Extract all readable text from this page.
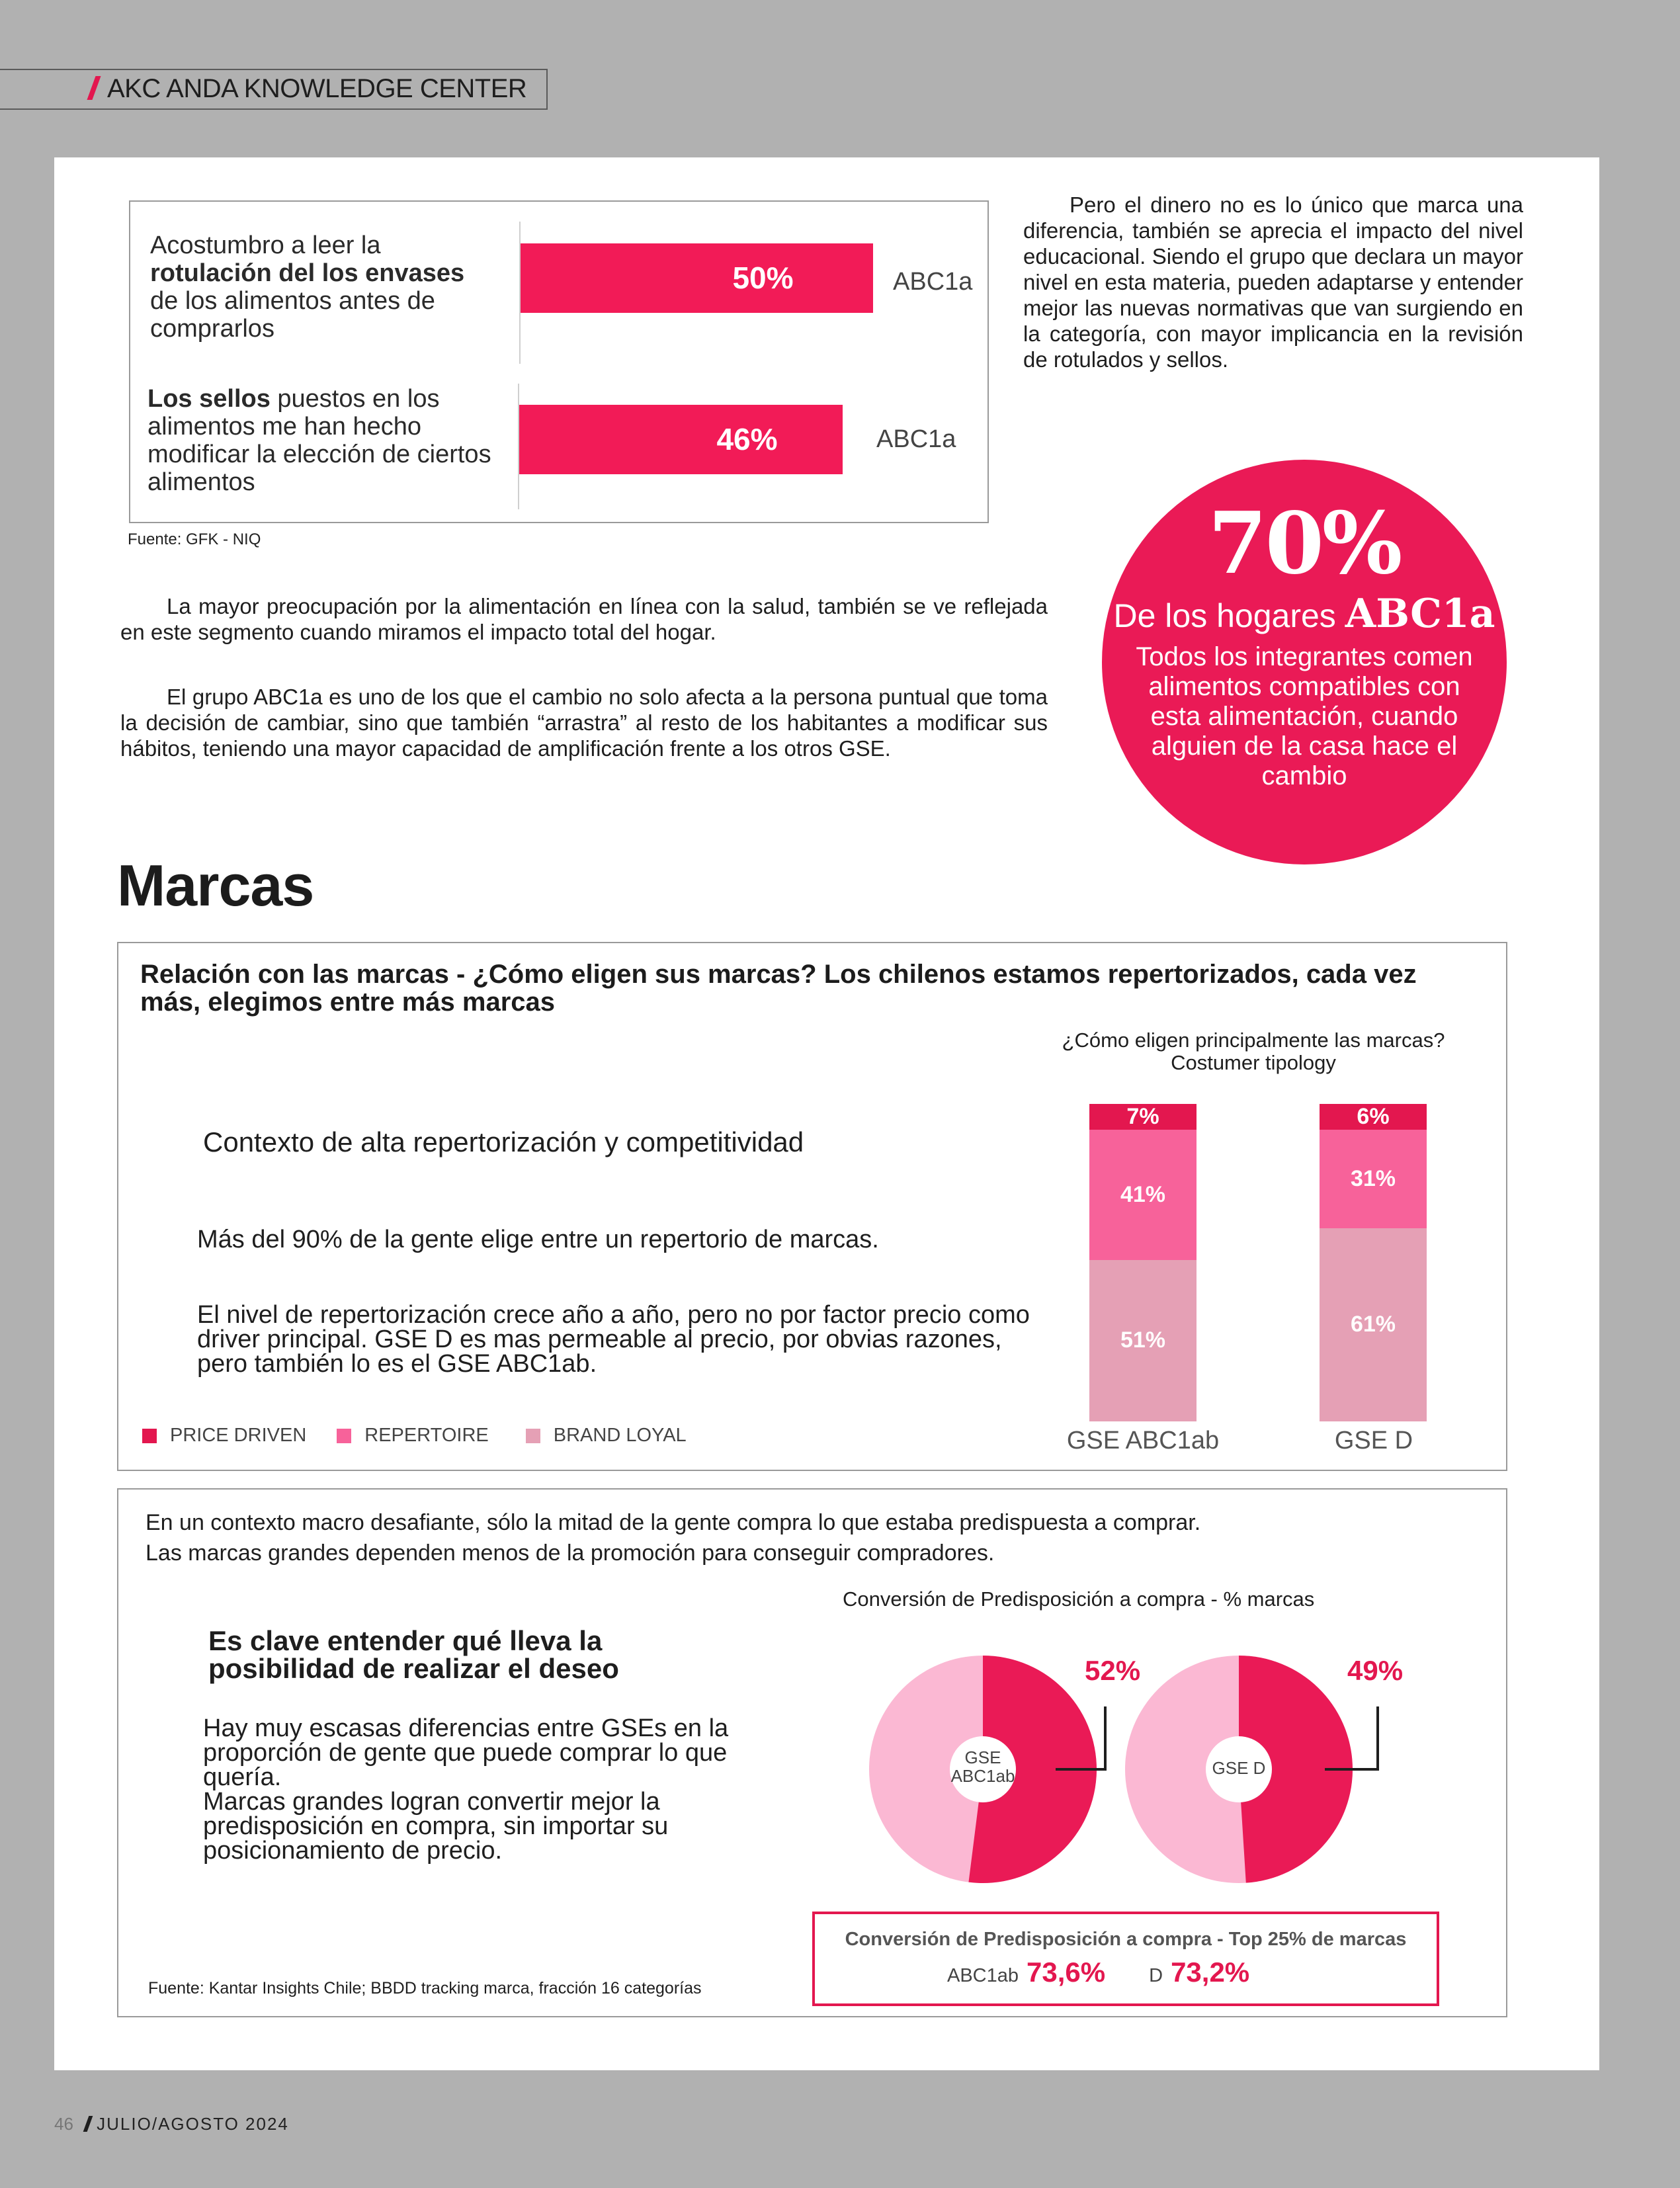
AKC ANDA KNOWLEDGE CENTER
Acostumbro a leer la
rotulación del los envases
de los alimentos antes de comprarlos
50%	ABC1a
Los sellos puestos en los alimentos me han hecho modificar la elección de ciertos alimentos
46%	ABC1a
Fuente: GFK - NIQ
Pero el dinero no es lo único que marca una diferencia, también se aprecia el impacto del nivel educacional. Siendo el grupo que declara un mayor nivel en esta materia, pueden adaptarse y entender mejor las nuevas normativas que van surgiendo en la categoría, con mayor implicancia en la revisión de rotulados y sellos.
La mayor preocupación por la alimentación en línea con la salud, también se ve reflejada en este segmento cuando miramos el impacto total del hogar.
El grupo ABC1a es uno de los que el cambio no solo afecta a la persona puntual que toma la decisión de cambiar, sino que también “arrastra” al resto de los habitantes a modificar sus hábitos, teniendo una mayor capacidad de amplificación frente a los otros GSE.
70%
De los hogares ABC1a
Todos los integrantes comen alimentos compatibles con esta alimentación, cuando alguien de la casa hace el cambio
Marcas
Relación con las marcas - ¿Cómo eligen sus marcas? Los chilenos estamos repertorizados, cada vez más, elegimos entre más marcas
¿Cómo eligen principalmente las marcas?
Costumer tipology
Contexto de alta repertorización y competitividad
Más del 90% de la gente elige entre un repertorio de marcas.
El nivel de repertorización crece año a año, pero no por factor precio como driver principal. GSE D es mas permeable al precio, por obvias razones, pero también lo es el GSE ABC1ab.
7%
41%
51%
6%
31%
61%
GSE ABC1ab	GSE D
PRICE DRIVEN	REPERTOIRE	BRAND LOYAL
En un contexto macro desafiante, sólo la mitad de la gente compra lo que estaba predispuesta a comprar.
Las marcas grandes dependen menos de la promoción para conseguir compradores.
Conversión de Predisposición a compra - % marcas
Es clave entender qué lleva la posibilidad de realizar el deseo
Hay muy escasas diferencias entre GSEs en la proporción de gente que puede comprar lo que quería.
Marcas grandes logran convertir mejor la predisposición en compra, sin importar su posicionamiento de precio.
GSE
ABC1ab	GSE D
52%	49%
Conversión de Predisposición a compra - Top 25% de marcas
ABC1ab 73,6% D 73,2%
Fuente: Kantar Insights Chile; BBDD tracking marca, fracción 16 categorías
46 JULIO/AGOSTO 2024
